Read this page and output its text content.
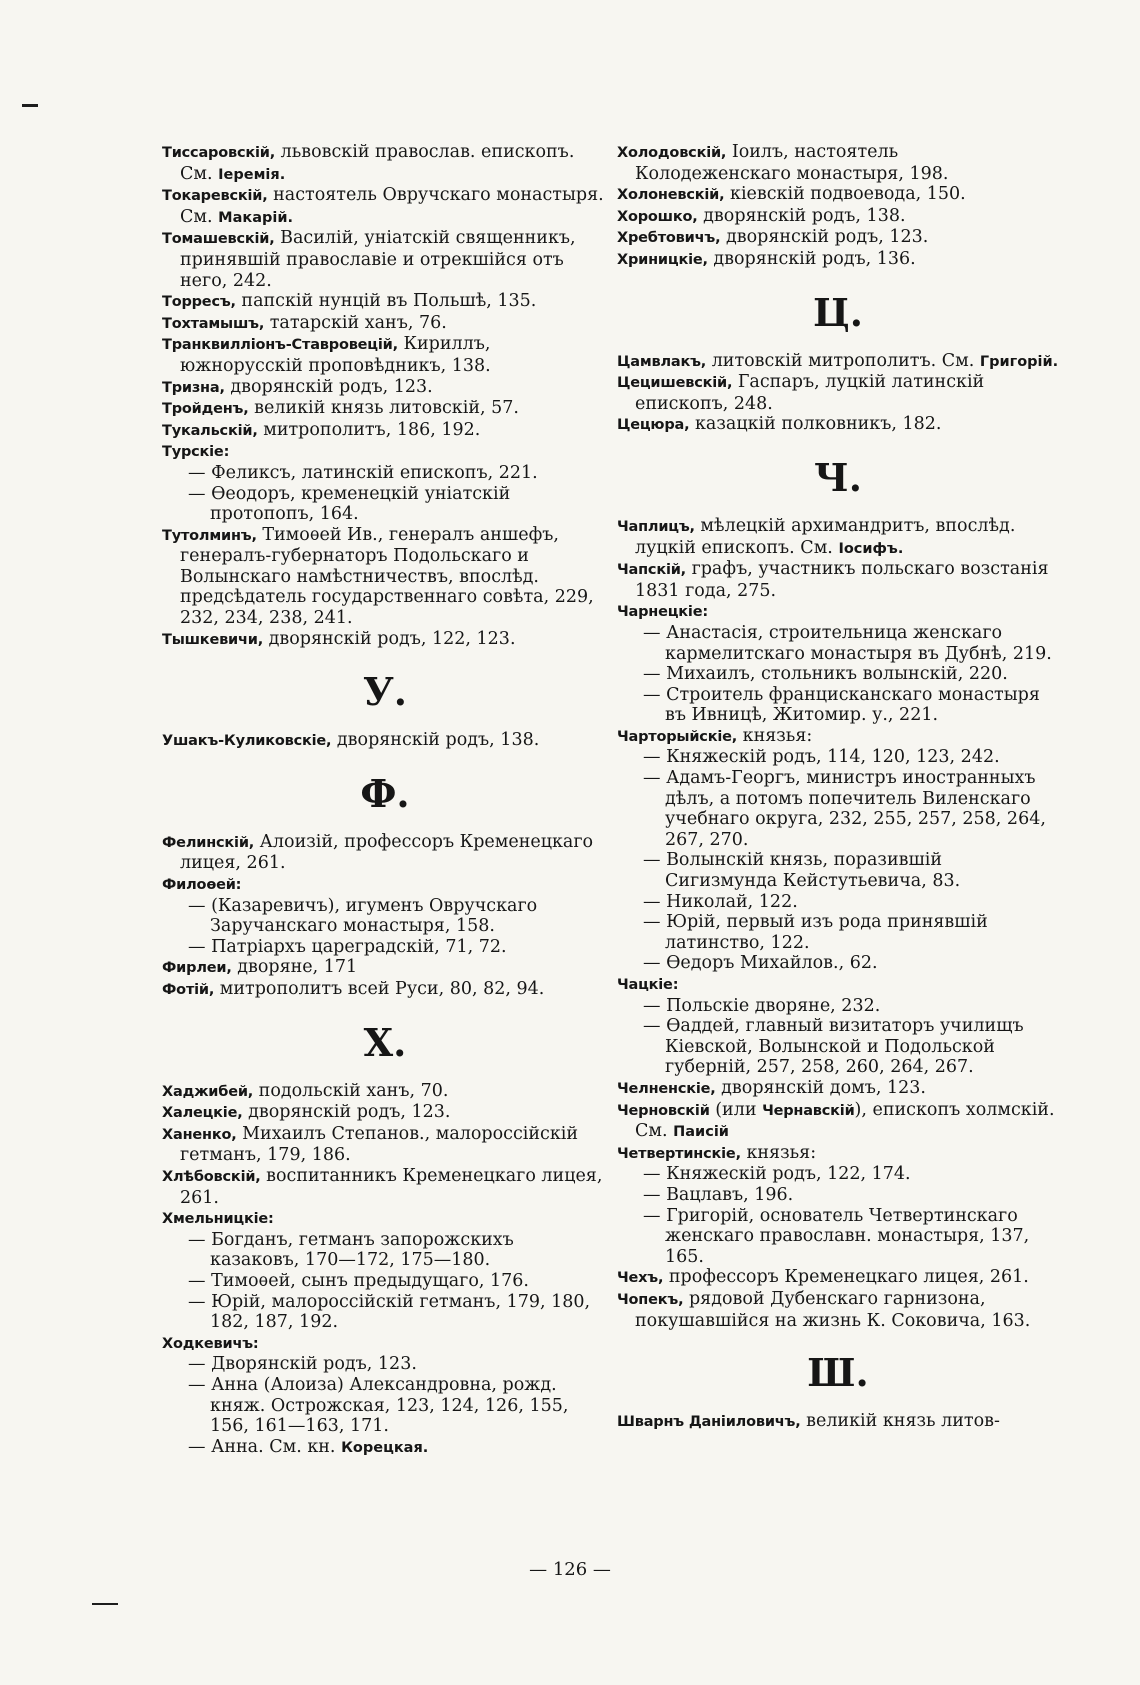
Тиссаровскій, львовскій православ. епископъ. См. Іеремія.
Токаревскій, настоятель Овручскаго монастыря. См. Макарій.
Томашевскій, Василій, уніатскій священникъ, принявшій православіе и отрекшійся отъ него, 242.
Торресъ, папскій нунцій въ Польшѣ, 135.
Тохтамышъ, татарскій ханъ, 76.
Транквилліонъ-Ставровецій, Кириллъ, южнорусскій проповѣдникъ, 138.
Тризна, дворянскій родъ, 123.
Тройденъ, великій князь литовскій, 57.
Тукальскій, митрополитъ, 186, 192.
Турскіе:
— Феликсъ, латинскій епископъ, 221.
— Ѳеодоръ, кременецкій уніатскій протопопъ, 164.
Тутолминъ, Тимоѳей Ив., генералъ аншефъ, генералъ-губернаторъ Подольскаго и Волынскаго намѣстничествъ, впослѣд. предсѣдатель государственнаго совѣта, 229, 232, 234, 238, 241.
Тышкевичи, дворянскій родъ, 122, 123.
У.
Ушакъ-Куликовскіе, дворянскій родъ, 138.
Ф.
Фелинскій, Алоизій, профессоръ Кременецкаго лицея, 261.
Филоѳей:
— (Казаревичъ), игуменъ Овручскаго Заручанскаго монастыря, 158.
— Патріархъ цареградскій, 71, 72.
Фирлеи, дворяне, 171
Фотій, митрополитъ всей Руси, 80, 82, 94.
Х.
Хаджибей, подольскій ханъ, 70.
Халецкіе, дворянскій родъ, 123.
Ханенко, Михаилъ Степанов., малороссійскій гетманъ, 179, 186.
Хлѣбовскій, воспитанникъ Кременецкаго лицея, 261.
Хмельницкіе:
— Богданъ, гетманъ запорожскихъ казаковъ, 170—172, 175—180.
— Тимоѳей, сынъ предыдущаго, 176.
— Юрій, малороссійскій гетманъ, 179, 180, 182, 187, 192.
Ходкевичъ:
— Дворянскій родъ, 123.
— Анна (Алоиза) Александровна, рожд. княж. Острожская, 123, 124, 126, 155, 156, 161—163, 171.
— Анна. См. кн. Корецкая.
Холодовскій, Іоилъ, настоятель Колодеженскаго монастыря, 198.
Холоневскій, кіевскій подвоевода, 150.
Хорошко, дворянскій родъ, 138.
Хребтовичъ, дворянскій родъ, 123.
Хриницкіе, дворянскій родъ, 136.
Ц.
Цамвлакъ, литовскій митрополитъ. См. Григорій.
Цецишевскій, Гаспаръ, луцкій латинскій епископъ, 248.
Цецюра, казацкій полковникъ, 182.
Ч.
Чаплицъ, мѣлецкій архимандритъ, впослѣд. луцкій епископъ. См. Іосифъ.
Чапскій, графъ, участникъ польскаго возстанія 1831 года, 275.
Чарнецкіе:
— Анастасія, строительница женскаго кармелитскаго монастыря въ Дубнѣ, 219.
— Михаилъ, стольникъ волынскій, 220.
— Строитель францисканскаго монастыря въ Ивницѣ, Житомир. у., 221.
Чарторыйскіе, князья:
— Княжескій родъ, 114, 120, 123, 242.
— Адамъ-Георгъ, министръ иностранныхъ дѣлъ, а потомъ попечитель Виленскаго учебнаго округа, 232, 255, 257, 258, 264, 267, 270.
— Волынскій князь, поразившій Сигизмунда Кейстутьевича, 83.
— Николай, 122.
— Юрій, первый изъ рода принявшій латинство, 122.
— Ѳедоръ Михайлов., 62.
Чацкіе:
— Польскіе дворяне, 232.
— Ѳаддей, главный визитаторъ училищъ Кіевской, Волынской и Подольской губерній, 257, 258, 260, 264, 267.
Челненскіе, дворянскій домъ, 123.
Черновскій (или Чернавскій), епископъ холмскій. См. Паисій
Четвертинскіе, князья:
— Княжескій родъ, 122, 174.
— Вацлавъ, 196.
— Григорій, основатель Четвертинскаго женскаго православн. монастыря, 137, 165.
Чехъ, профессоръ Кременецкаго лицея, 261.
Чопекъ, рядовой Дубенскаго гарнизона, покушавшійся на жизнь К. Соковича, 163.
Ш.
Шварнъ Даніиловичъ, великій князь литов-
— 126 —
